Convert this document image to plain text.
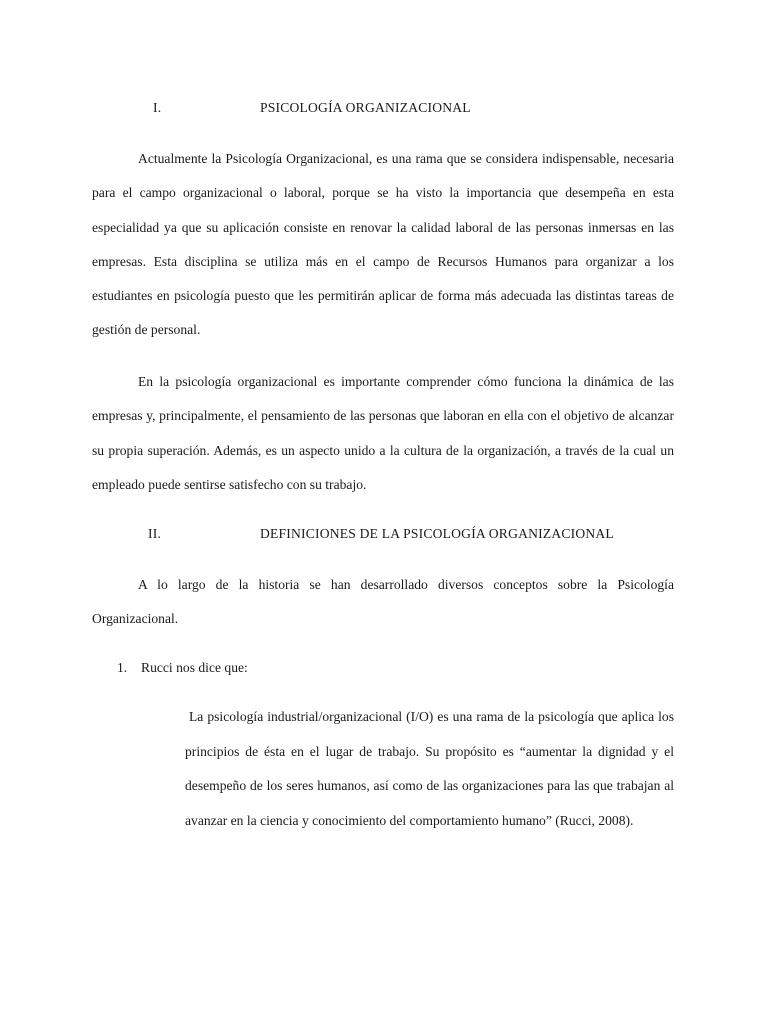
I.	PSICOLOGÍA ORGANIZACIONAL

Actualmente la Psicología Organizacional, es una rama que se considera indispensable, necesaria para el campo organizacional o laboral, porque se ha visto la importancia que desempeña en esta especialidad ya que su aplicación consiste en renovar la calidad laboral de las personas inmersas en las empresas. Esta disciplina se utiliza más en el campo de Recursos Humanos para organizar a los estudiantes en psicología puesto que les permitirán aplicar de forma más adecuada las distintas tareas de gestión de personal.

En la psicología organizacional es importante comprender cómo funciona la dinámica de las empresas y, principalmente, el pensamiento de las personas que laboran en ella con el objetivo de alcanzar su propia superación. Además, es un aspecto unido a la cultura de la organización, a través de la cual un empleado puede sentirse satisfecho con su trabajo.

II.	DEFINICIONES DE LA PSICOLOGÍA ORGANIZACIONAL

A lo largo de la historia se han desarrollado diversos conceptos sobre la Psicología Organizacional.

1. Rucci nos dice que:

La psicología industrial/organizacional (I/O) es una rama de la psicología que aplica los principios de ésta en el lugar de trabajo. Su propósito es “aumentar la dignidad y el desempeño de los seres humanos, así como de las organizaciones para las que trabajan al avanzar en la ciencia y conocimiento del comportamiento humano” (Rucci, 2008).
